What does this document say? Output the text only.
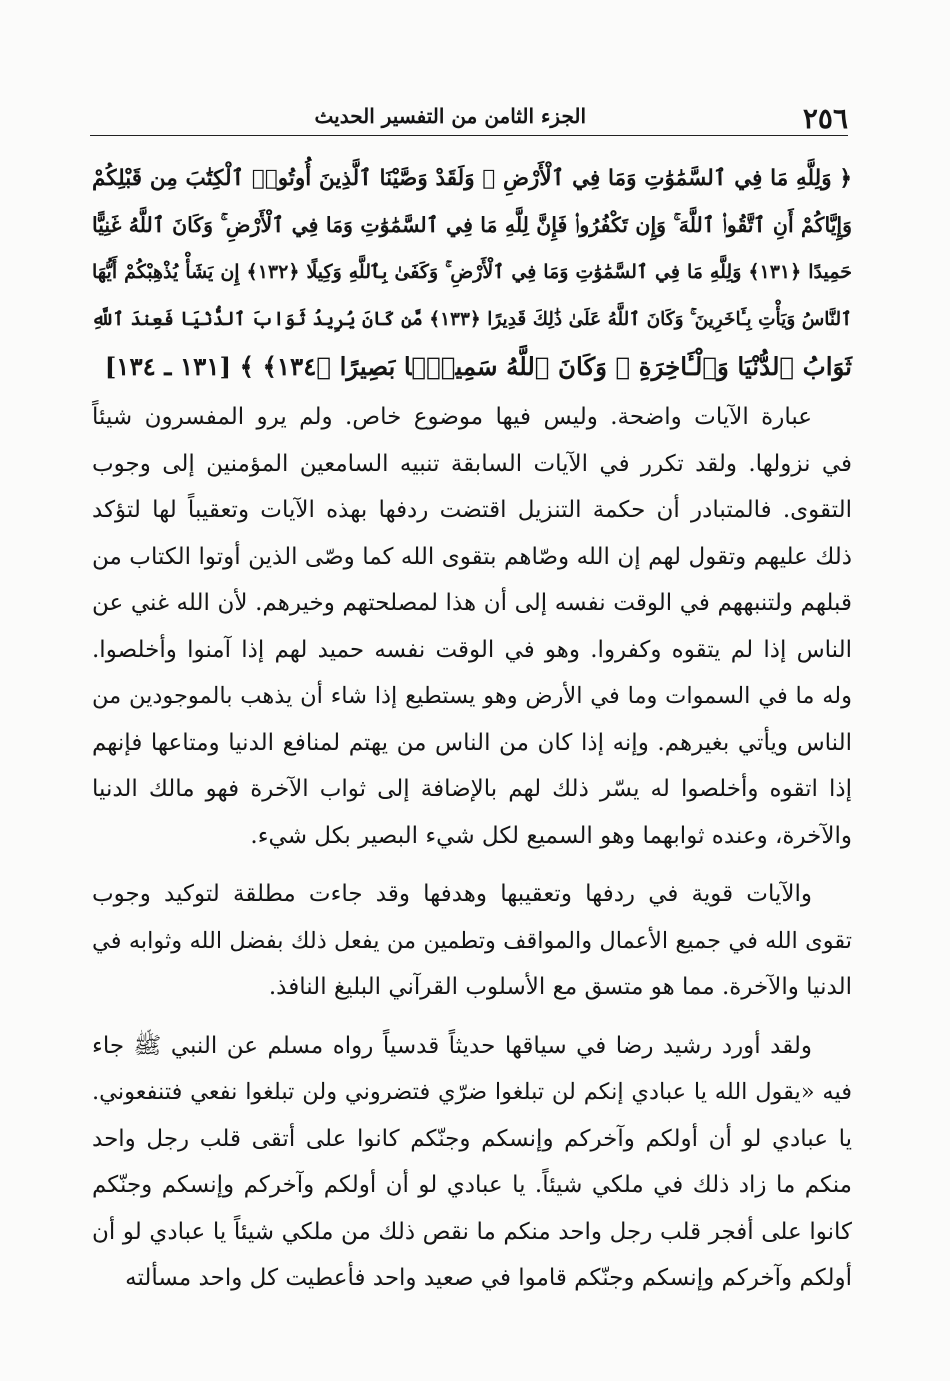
٢٥٦
الجزء الثامن من التفسير الحديث
﴿ وَلِلَّهِ مَا فِي ٱلسَّمَٰوَٰتِ وَمَا فِي ٱلْأَرْضِ ۗ وَلَقَدْ وَصَّيْنَا ٱلَّذِينَ أُوتُوا۟ ٱلْكِتَٰبَ مِن قَبْلِكُمْ
وَإِيَّاكُمْ أَنِ ٱتَّقُوا۟ ٱللَّهَ ۚ وَإِن تَكْفُرُوا۟ فَإِنَّ لِلَّهِ مَا فِي ٱلسَّمَٰوَٰتِ وَمَا فِي ٱلْأَرْضِ ۚ وَكَانَ ٱللَّهُ غَنِيًّا
حَمِيدًا ﴿١٣١﴾ وَلِلَّهِ مَا فِي ٱلسَّمَٰوَٰتِ وَمَا فِي ٱلْأَرْضِ ۚ وَكَفَىٰ بِٱللَّهِ وَكِيلًا ﴿١٣٢﴾ إِن يَشَأْ يُذْهِبْكُمْ أَيُّهَا
ٱلنَّاسُ وَيَأْتِ بِـَٔاخَرِينَ ۚ وَكَانَ ٱللَّهُ عَلَىٰ ذَٰلِكَ قَدِيرًا ﴿١٣٣﴾ مَّن كَانَ يُرِيدُ ثَوَابَ ٱلدُّنْيَا فَعِندَ ٱللَّهِ
ثَوَابُ ٱلدُّنْيَا وَٱلْـَٔاخِرَةِ ۚ وَكَانَ ٱللَّهُ سَمِيعًۢا بَصِيرًا ﴿١٣٤﴾ ﴾ [١٣١ ـ ١٣٤]
عبارة الآيات واضحة. وليس فيها موضوع خاص. ولم يرو المفسرون شيئاً
في نزولها. ولقد تكرر في الآيات السابقة تنبيه السامعين المؤمنين إلى وجوب
التقوى. فالمتبادر أن حكمة التنزيل اقتضت ردفها بهذه الآيات وتعقيباً لها لتؤكد
ذلك عليهم وتقول لهم إن الله وصّاهم بتقوى الله كما وصّى الذين أوتوا الكتاب من
قبلهم ولتنبههم في الوقت نفسه إلى أن هذا لمصلحتهم وخيرهم. لأن الله غني عن
الناس إذا لم يتقوه وكفروا. وهو في الوقت نفسه حميد لهم إذا آمنوا وأخلصوا.
وله ما في السموات وما في الأرض وهو يستطيع إذا شاء أن يذهب بالموجودين من
الناس ويأتي بغيرهم. وإنه إذا كان من الناس من يهتم لمنافع الدنيا ومتاعها فإنهم
إذا اتقوه وأخلصوا له يسّر ذلك لهم بالإضافة إلى ثواب الآخرة فهو مالك الدنيا
والآخرة، وعنده ثوابهما وهو السميع لكل شيء البصير بكل شيء.
والآيات قوية في ردفها وتعقيبها وهدفها وقد جاءت مطلقة لتوكيد وجوب
تقوى الله في جميع الأعمال والمواقف وتطمين من يفعل ذلك بفضل الله وثوابه في
الدنيا والآخرة. مما هو متسق مع الأسلوب القرآني البليغ النافذ.
ولقد أورد رشيد رضا في سياقها حديثاً قدسياً رواه مسلم عن النبي ﷺ جاء
فيه «يقول الله يا عبادي إنكم لن تبلغوا ضرّي فتضروني ولن تبلغوا نفعي فتنفعوني.
يا عبادي لو أن أولكم وآخركم وإنسكم وجنّكم كانوا على أتقى قلب رجل واحد
منكم ما زاد ذلك في ملكي شيئاً. يا عبادي لو أن أولكم وآخركم وإنسكم وجنّكم
كانوا على أفجر قلب رجل واحد منكم ما نقص ذلك من ملكي شيئاً يا عبادي لو أن
أولكم وآخركم وإنسكم وجنّكم قاموا في صعيد واحد فأعطيت كل واحد مسألته
